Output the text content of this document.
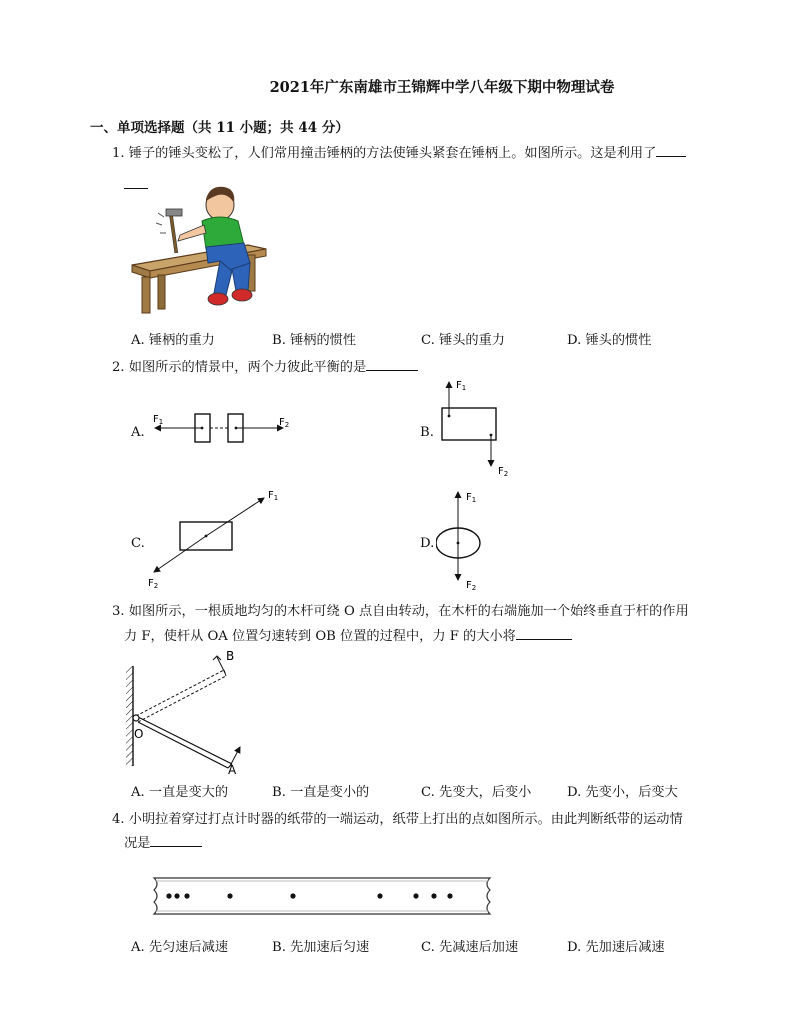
2021年广东南雄市王锦辉中学八年级下期中物理试卷
一、单项选择题（共 11 小题；共 44 分）
1. 锤子的锤头变松了，人们常用撞击锤柄的方法使锤头紧套在锤柄上。如图所示。这是利用了
A. 锤柄的重力	B. 锤柄的惯性	C. 锤头的重力	D. 锤头的惯性
2. 如图所示的情景中，两个力彼此平衡的是
A.
$F_1$	$F_2$	B.
$F_1$
$F_2$
C.
$F_1$
$F_2$
D.
$F_1$
$F_2$
3. 如图所示，一根质地均匀的木杆可绕 O 点自由转动，在木杆的右端施加一个始终垂直于杆的作用
力 F，使杆从 OA 位置匀速转到 OB 位置的过程中，力 F 的大小将
O
A
B
A. 一直是变大的	B. 一直是变小的	C. 先变大，后变小	D. 先变小，后变大
4. 小明拉着穿过打点计时器的纸带的一端运动，纸带上打出的点如图所示。由此判断纸带的运动情
况是
A. 先匀速后减速	B. 先加速后匀速	C. 先减速后加速	D. 先加速后减速
